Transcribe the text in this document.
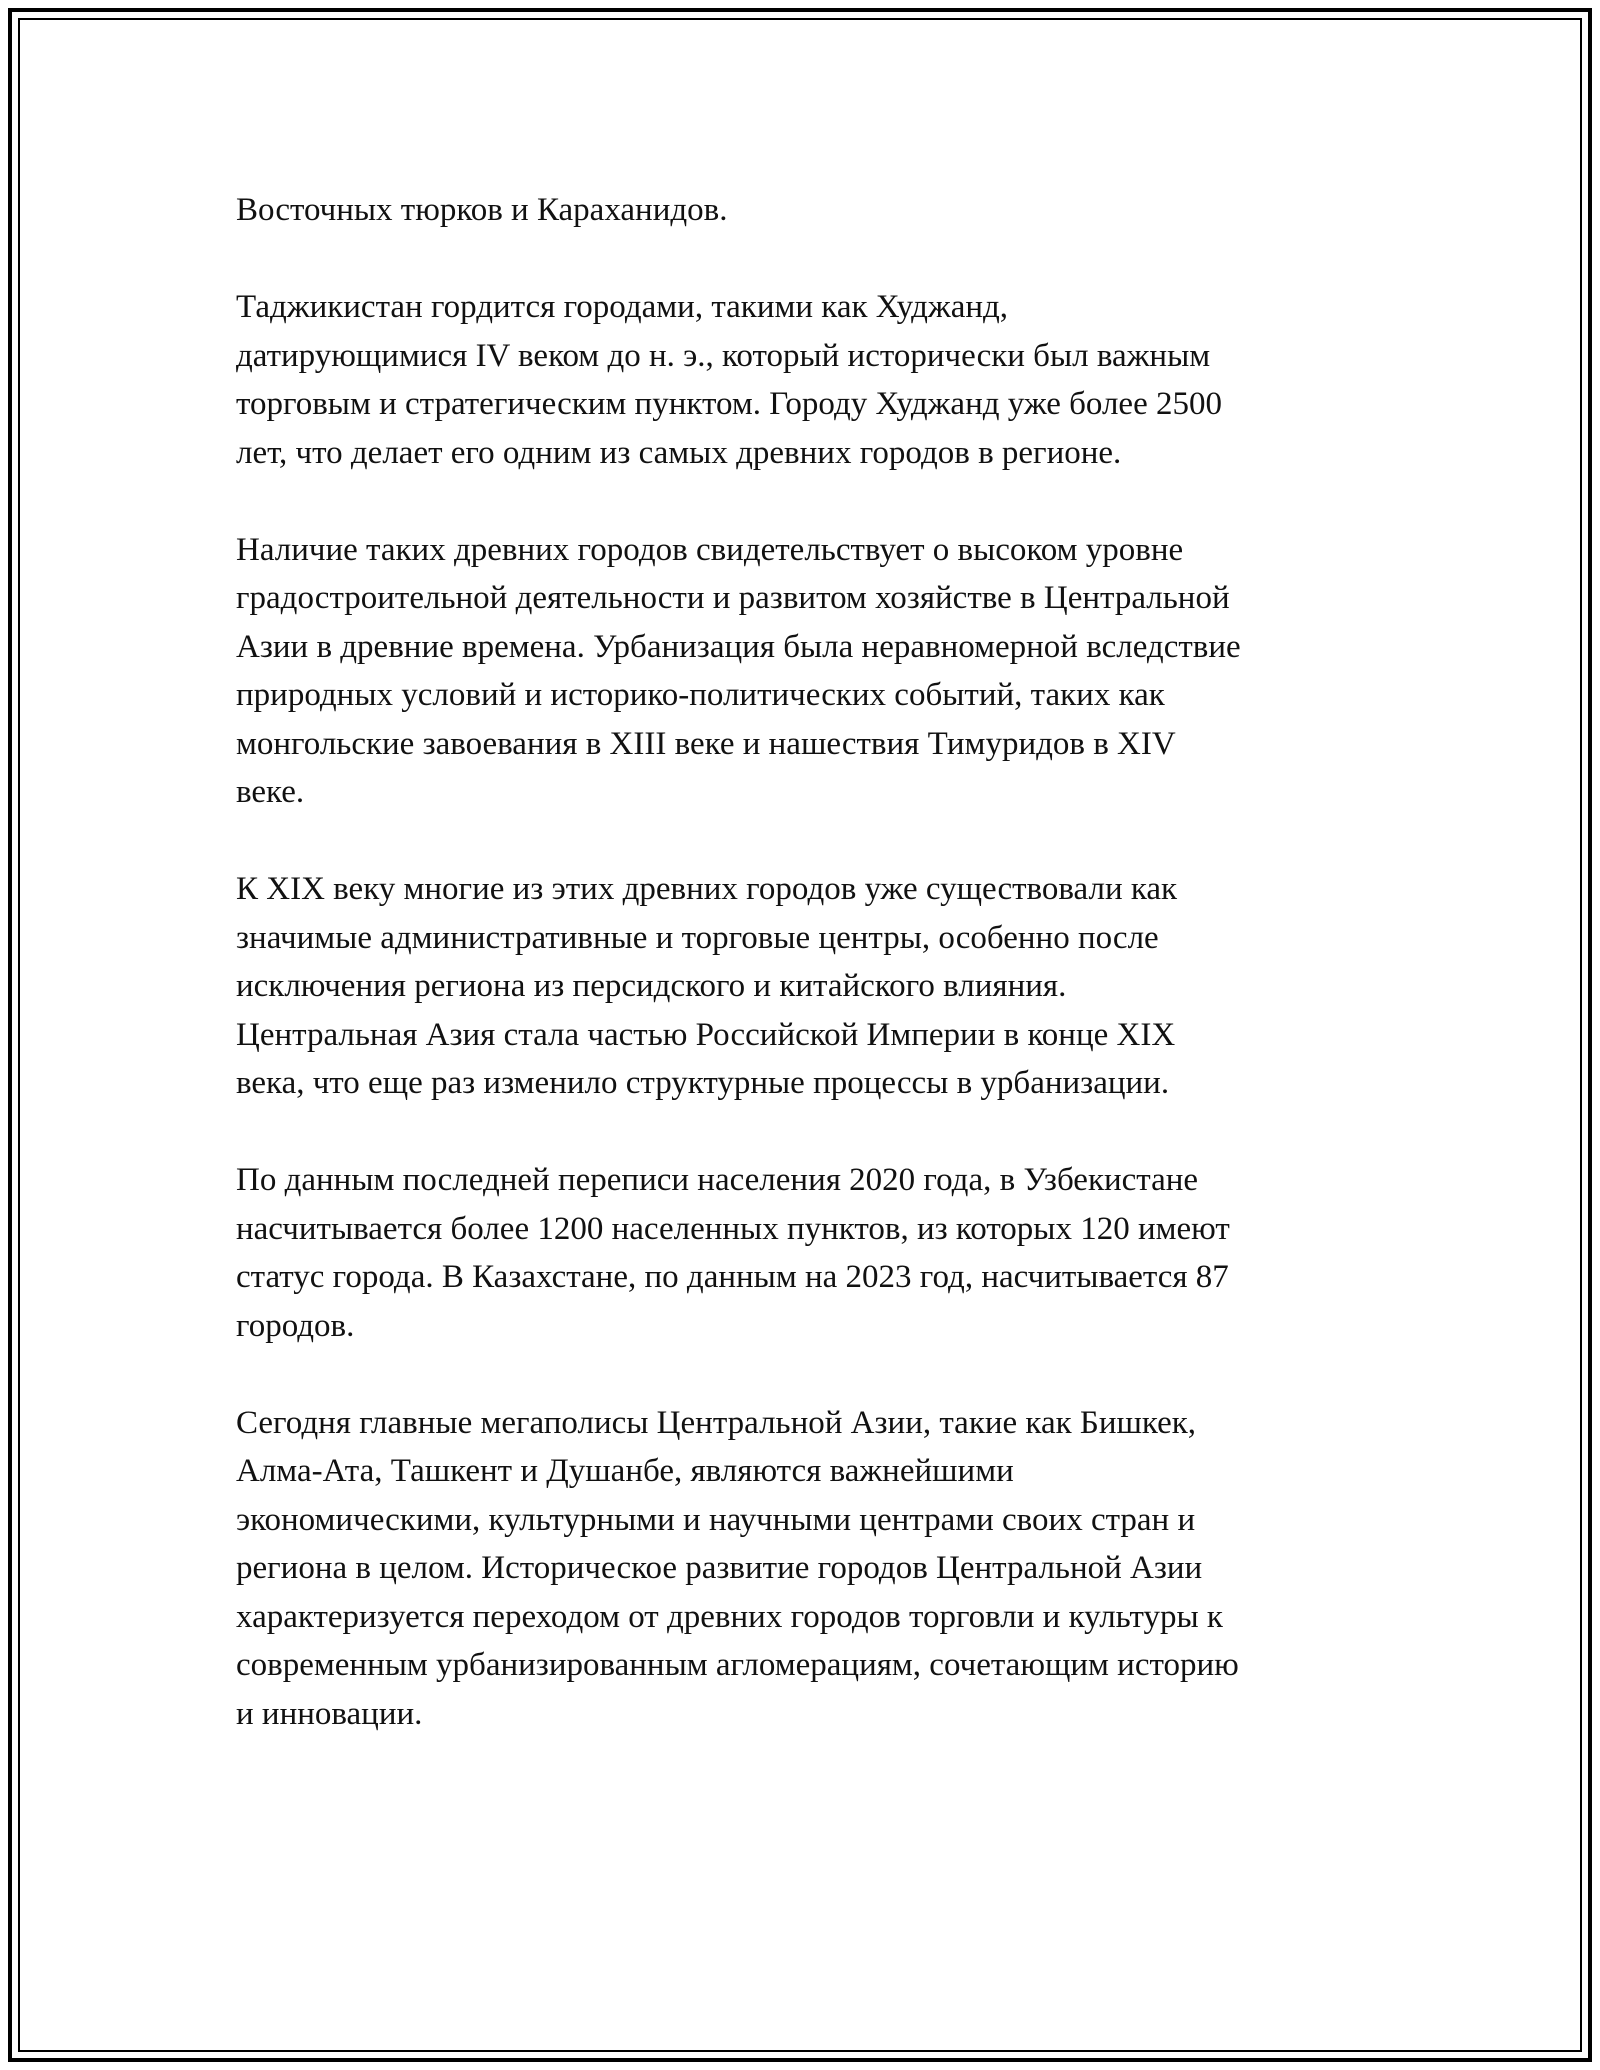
Восточных тюрков и Караханидов.

Таджикистан гордится городами, такими как Худжанд,
датирующимися IV веком до н. э., который исторически был важным
торговым и стратегическим пунктом. Городу Худжанд уже более 2500
лет, что делает его одним из самых древних городов в регионе.

Наличие таких древних городов свидетельствует о высоком уровне
градостроительной деятельности и развитом хозяйстве в Центральной
Азии в древние времена. Урбанизация была неравномерной вследствие
природных условий и историко-политических событий, таких как
монгольские завоевания в XIII веке и нашествия Тимуридов в XIV
веке.

К XIX веку многие из этих древних городов уже существовали как
значимые административные и торговые центры, особенно после
исключения региона из персидского и китайского влияния.
Центральная Азия стала частью Российской Империи в конце XIX
века, что еще раз изменило структурные процессы в урбанизации.

По данным последней переписи населения 2020 года, в Узбекистане
насчитывается более 1200 населенных пунктов, из которых 120 имеют
статус города. В Казахстане, по данным на 2023 год, насчитывается 87
городов.

Сегодня главные мегаполисы Центральной Азии, такие как Бишкек,
Алма-Ата, Ташкент и Душанбе, являются важнейшими
экономическими, культурными и научными центрами своих стран и
региона в целом. Историческое развитие городов Центральной Азии
характеризуется переходом от древних городов торговли и культуры к
современным урбанизированным агломерациям, сочетающим историю
и инновации.
